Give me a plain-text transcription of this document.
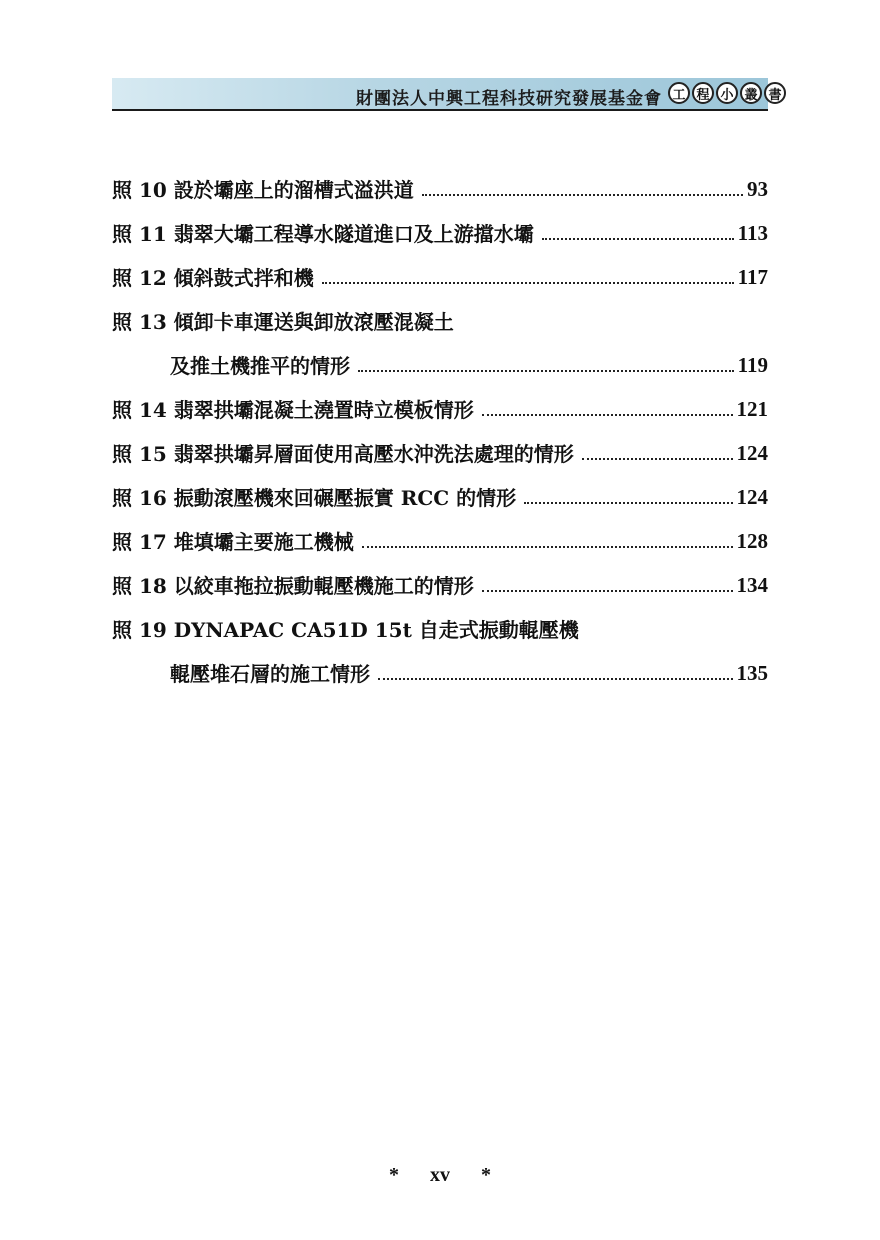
財團法人中興工程科技研究發展基金會 工 程 小 叢 書
照 10 設於壩座上的溜槽式溢洪道	93
照 11 翡翠大壩工程導水隧道進口及上游擋水壩	113
照 12 傾斜鼓式拌和機	117
照 13 傾卸卡車運送與卸放滾壓混凝土
及推土機推平的情形	119
照 14 翡翠拱壩混凝土澆置時立模板情形	121
照 15 翡翠拱壩昇層面使用高壓水沖洗法處理的情形	124
照 16 振動滾壓機來回碾壓振實 RCC 的情形	124
照 17 堆填壩主要施工機械	128
照 18 以絞車拖拉振動輥壓機施工的情形	134
照 19 DYNAPAC CA51D 15t 自走式振動輥壓機
輥壓堆石層的施工情形	135
* xv *
